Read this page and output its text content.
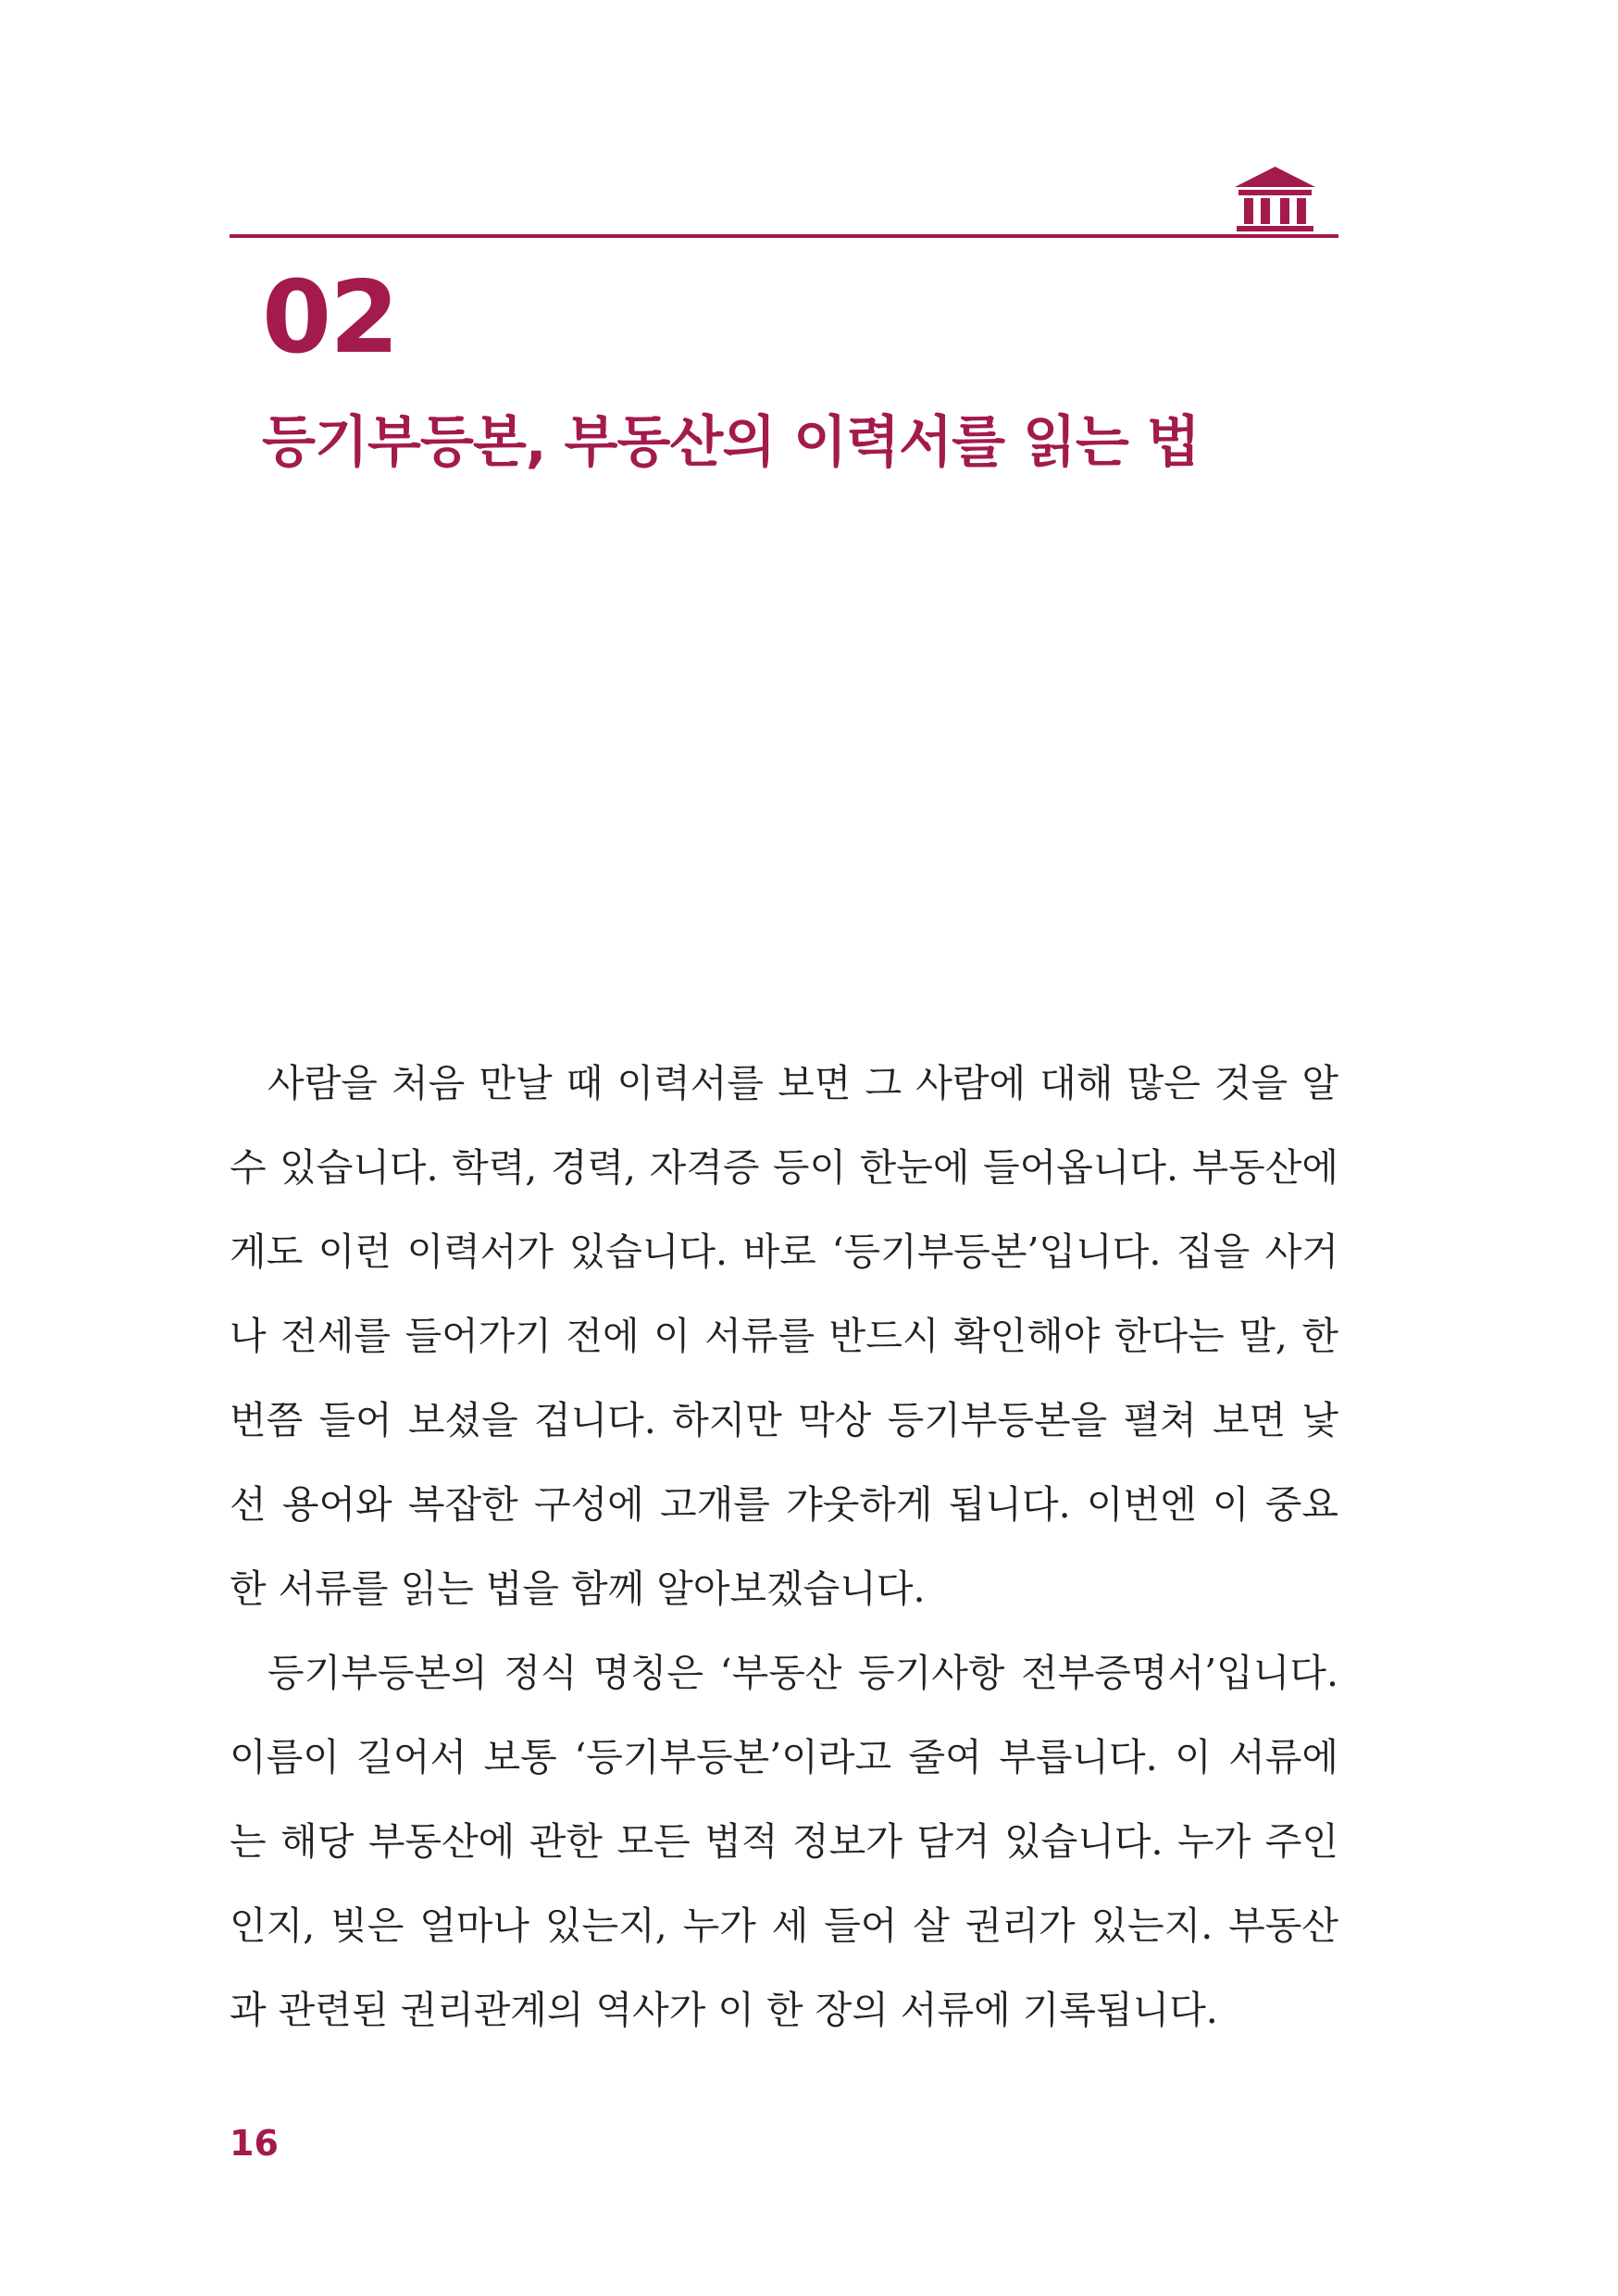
02
등기부등본, 부동산의 이력서를 읽는 법

사람을 처음 만날 때 이력서를 보면 그 사람에 대해 많은 것을 알 수 있습니다. 학력, 경력, 자격증 등이 한눈에 들어옵니다. 부동산에게도 이런 이력서가 있습니다. 바로 ‘등기부등본’입니다. 집을 사거나 전세를 들어가기 전에 이 서류를 반드시 확인해야 한다는 말, 한 번쯤 들어 보셨을 겁니다. 하지만 막상 등기부등본을 펼쳐 보면 낯선 용어와 복잡한 구성에 고개를 갸웃하게 됩니다. 이번엔 이 중요한 서류를 읽는 법을 함께 알아보겠습니다.

등기부등본의 정식 명칭은 ‘부동산 등기사항 전부증명서’입니다. 이름이 길어서 보통 ‘등기부등본’이라고 줄여 부릅니다. 이 서류에는 해당 부동산에 관한 모든 법적 정보가 담겨 있습니다. 누가 주인인지, 빚은 얼마나 있는지, 누가 세 들어 살 권리가 있는지. 부동산과 관련된 권리관계의 역사가 이 한 장의 서류에 기록됩니다.

16
